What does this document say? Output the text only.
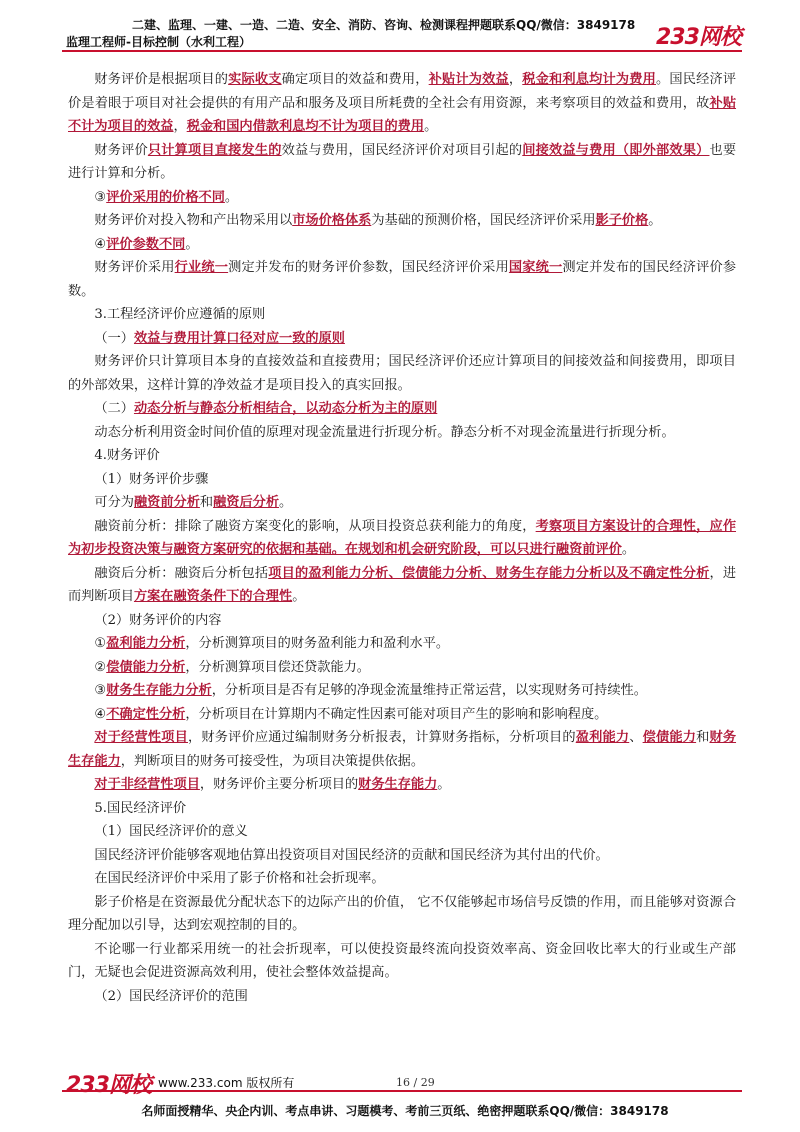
二建、监理、一建、一造、二造、安全、消防、咨询、检测课程押题联系QQ/微信：3849178
监理工程师-目标控制（水利工程）	233网校

财务评价是根据项目的实际收支确定项目的效益和费用，补贴计为效益，税金和利息均计为费用。国民经济评价是着眼于项目对社会提供的有用产品和服务及项目所耗费的全社会有用资源，来考察项目的效益和费用，故补贴不计为项目的效益，税金和国内借款利息均不计为项目的费用。

财务评价只计算项目直接发生的效益与费用，国民经济评价对项目引起的间接效益与费用（即外部效果）也要进行计算和分析。

③评价采用的价格不同。

财务评价对投入物和产出物采用以市场价格体系为基础的预测价格，国民经济评价采用影子价格。

④评价参数不同。

财务评价采用行业统一测定并发布的财务评价参数，国民经济评价采用国家统一测定并发布的国民经济评价参数。

3.工程经济评价应遵循的原则

（一）效益与费用计算口径对应一致的原则

财务评价只计算项目本身的直接效益和直接费用；国民经济评价还应计算项目的间接效益和间接费用，即项目的外部效果，这样计算的净效益才是项目投入的真实回报。

（二）动态分析与静态分析相结合，以动态分析为主的原则

动态分析利用资金时间价值的原理对现金流量进行折现分析。静态分析不对现金流量进行折现分析。

4.财务评价

（1）财务评价步骤

可分为融资前分析和融资后分析。

融资前分析：排除了融资方案变化的影响，从项目投资总获利能力的角度，考察项目方案设计的合理性，应作为初步投资决策与融资方案研究的依据和基础。在规划和机会研究阶段，可以只进行融资前评价。

融资后分析：融资后分析包括项目的盈利能力分析、偿债能力分析、财务生存能力分析以及不确定性分析，进而判断项目方案在融资条件下的合理性。

（2）财务评价的内容

①盈利能力分析，分析测算项目的财务盈利能力和盈利水平。

②偿债能力分析，分析测算项目偿还贷款能力。

③财务生存能力分析，分析项目是否有足够的净现金流量维持正常运营，以实现财务可持续性。

④不确定性分析，分析项目在计算期内不确定性因素可能对项目产生的影响和影响程度。

对于经营性项目，财务评价应通过编制财务分析报表，计算财务指标，分析项目的盈利能力、偿债能力和财务生存能力，判断项目的财务可接受性，为项目决策提供依据。

对于非经营性项目，财务评价主要分析项目的财务生存能力。

5.国民经济评价

（1）国民经济评价的意义

国民经济评价能够客观地估算出投资项目对国民经济的贡献和国民经济为其付出的代价。

在国民经济评价中采用了影子价格和社会折现率。

影子价格是在资源最优分配状态下的边际产出的价值， 它不仅能够起市场信号反馈的作用，而且能够对资源合理分配加以引导，达到宏观控制的目的。

不论哪一行业都采用统一的社会折现率，可以使投资最终流向投资效率高、资金回收比率大的行业或生产部门，无疑也会促进资源高效利用，使社会整体效益提高。

（2）国民经济评价的范围

233网校 www.233.com 版权所有	16 / 29
名师面授精华、央企内训、考点串讲、习题模考、考前三页纸、绝密押题联系QQ/微信：3849178
